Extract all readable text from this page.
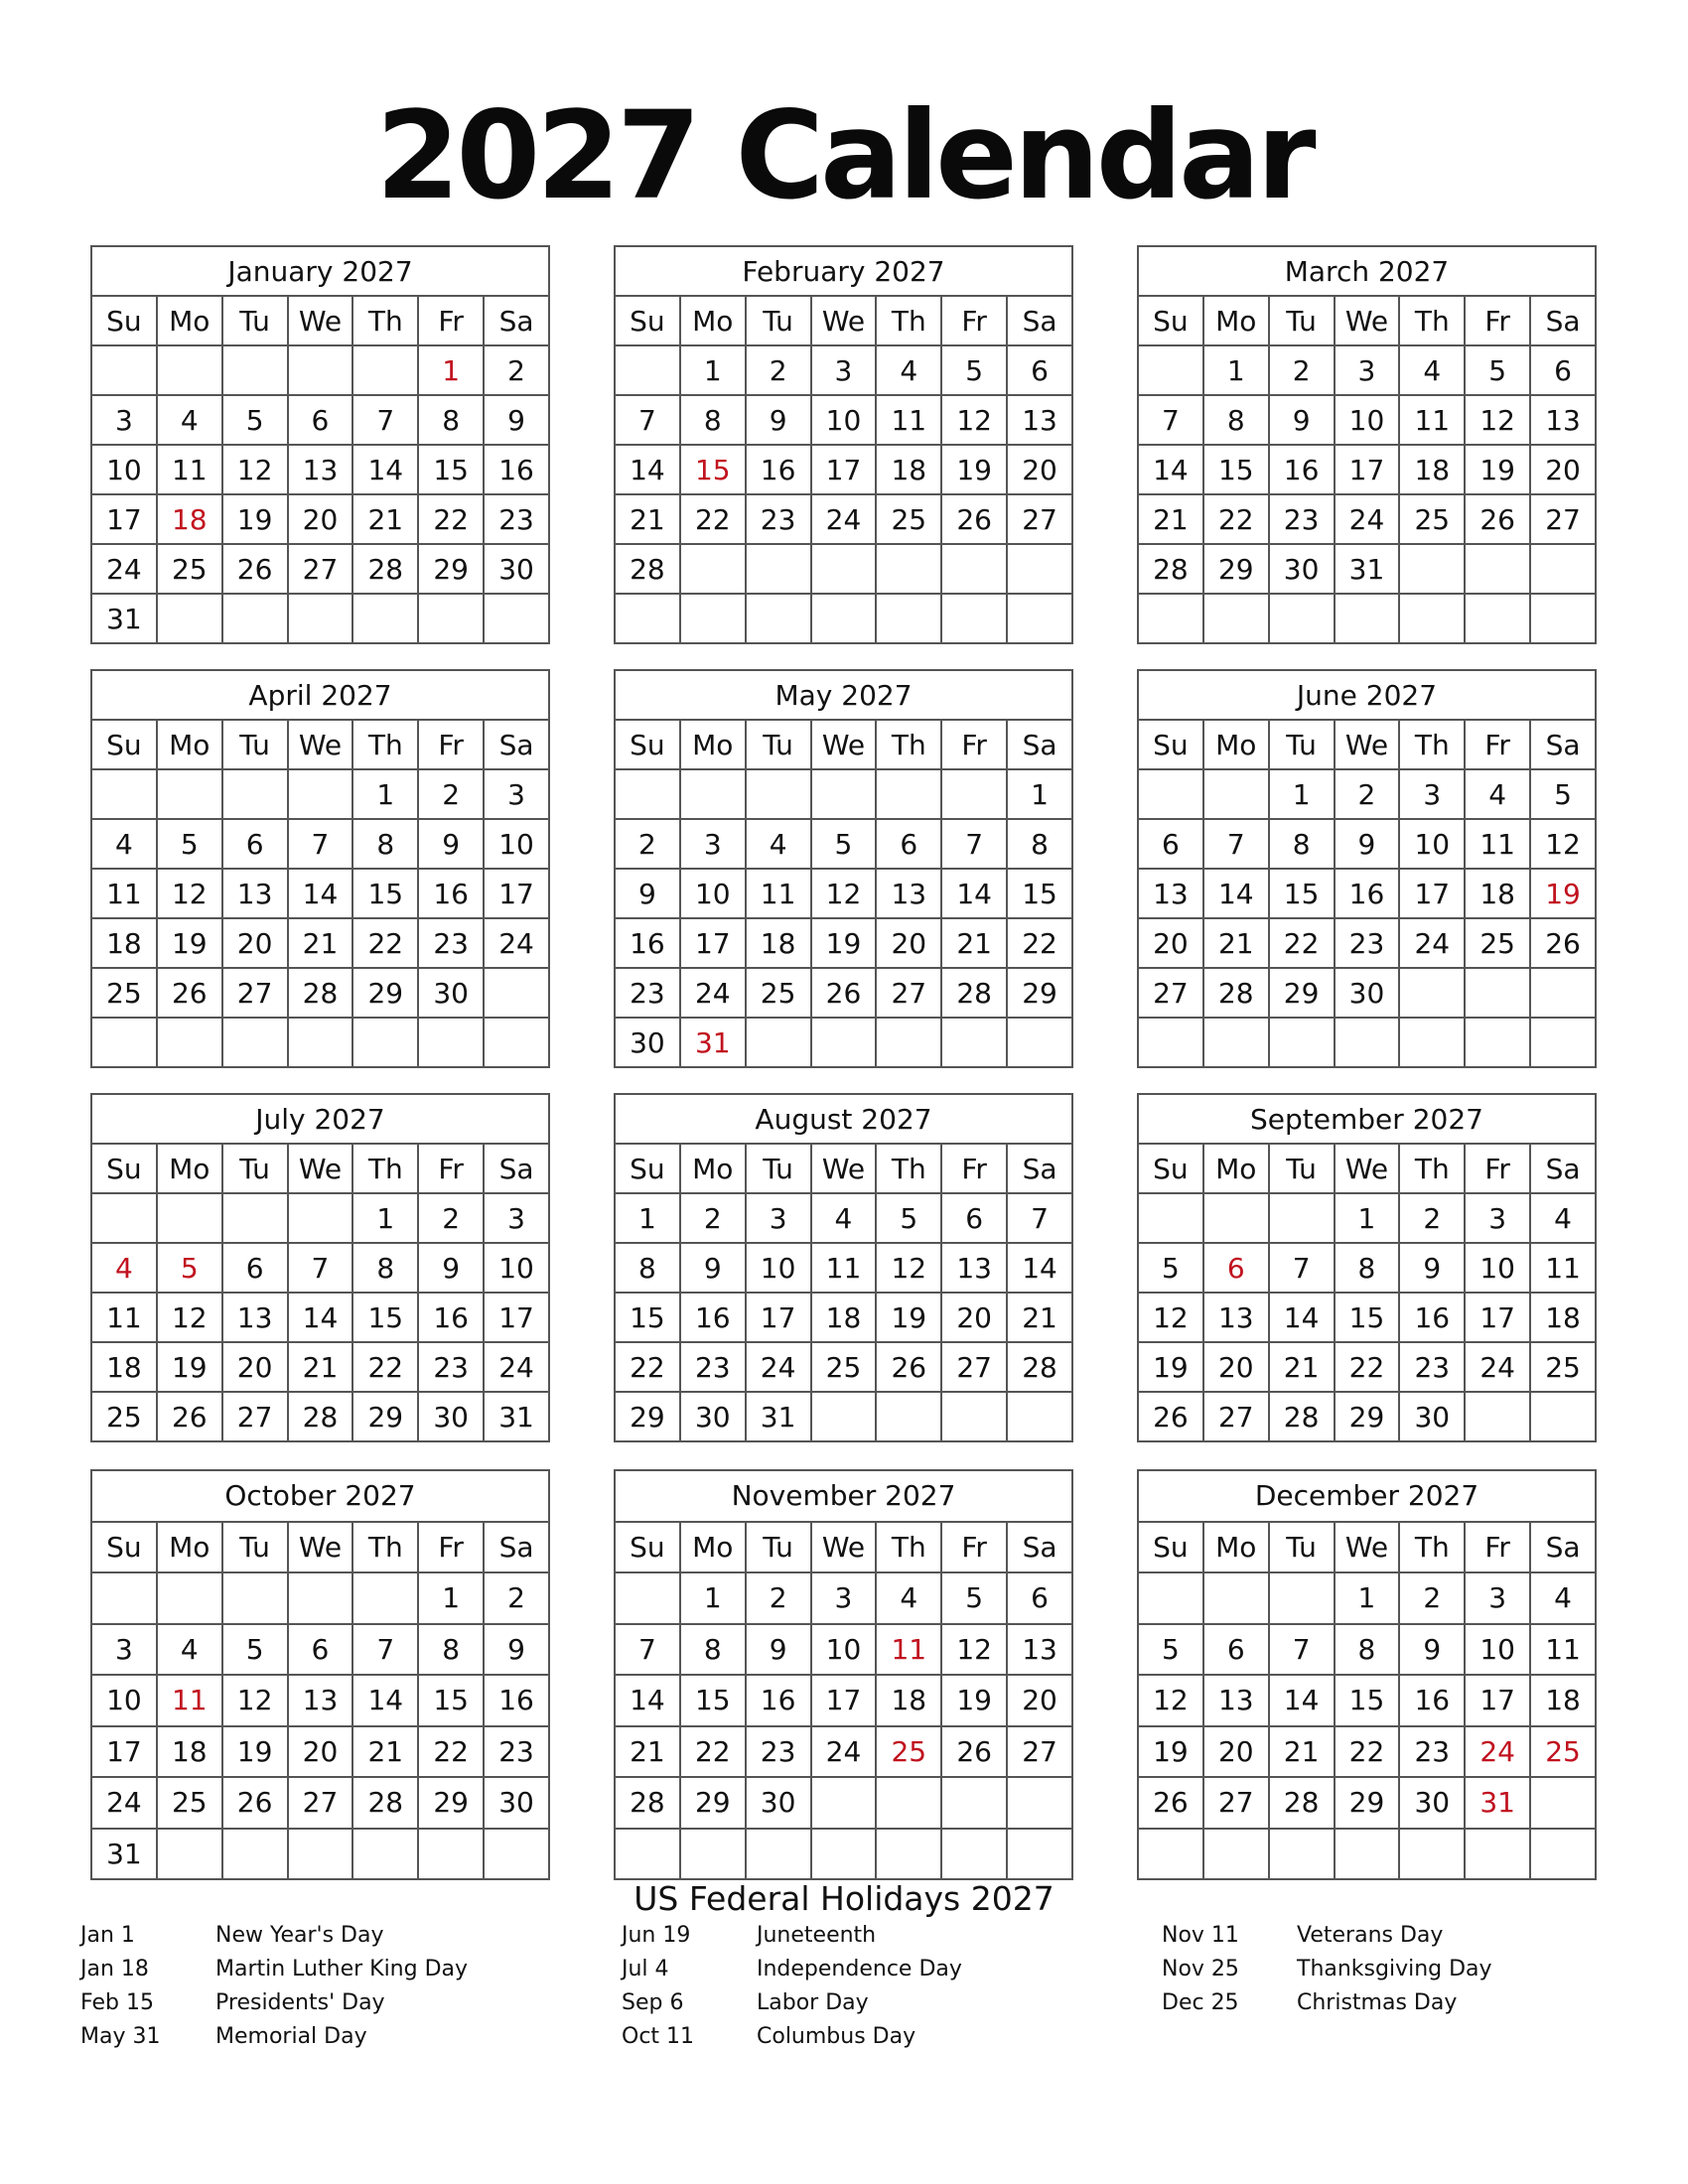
2027 Calendar
January 2027						
Su	Mo	Tu	We	Th	Fr	Sa
					1	2
3	4	5	6	7	8	9
10	11	12	13	14	15	16
17	18	19	20	21	22	23
24	25	26	27	28	29	30
31						
February 2027						
Su	Mo	Tu	We	Th	Fr	Sa
	1	2	3	4	5	6
7	8	9	10	11	12	13
14	15	16	17	18	19	20
21	22	23	24	25	26	27
28						

March 2027						
Su	Mo	Tu	We	Th	Fr	Sa
	1	2	3	4	5	6
7	8	9	10	11	12	13
14	15	16	17	18	19	20
21	22	23	24	25	26	27
28	29	30	31			

April 2027						
Su	Mo	Tu	We	Th	Fr	Sa
				1	2	3
4	5	6	7	8	9	10
11	12	13	14	15	16	17
18	19	20	21	22	23	24
25	26	27	28	29	30	

May 2027						
Su	Mo	Tu	We	Th	Fr	Sa
						1
2	3	4	5	6	7	8
9	10	11	12	13	14	15
16	17	18	19	20	21	22
23	24	25	26	27	28	29
30	31					
June 2027						
Su	Mo	Tu	We	Th	Fr	Sa
		1	2	3	4	5
6	7	8	9	10	11	12
13	14	15	16	17	18	19
20	21	22	23	24	25	26
27	28	29	30			

July 2027						
Su	Mo	Tu	We	Th	Fr	Sa
				1	2	3
4	5	6	7	8	9	10
11	12	13	14	15	16	17
18	19	20	21	22	23	24
25	26	27	28	29	30	31
August 2027						
Su	Mo	Tu	We	Th	Fr	Sa
1	2	3	4	5	6	7
8	9	10	11	12	13	14
15	16	17	18	19	20	21
22	23	24	25	26	27	28
29	30	31				
September 2027						
Su	Mo	Tu	We	Th	Fr	Sa
			1	2	3	4
5	6	7	8	9	10	11
12	13	14	15	16	17	18
19	20	21	22	23	24	25
26	27	28	29	30		
October 2027						
Su	Mo	Tu	We	Th	Fr	Sa
					1	2
3	4	5	6	7	8	9
10	11	12	13	14	15	16
17	18	19	20	21	22	23
24	25	26	27	28	29	30
31						
November 2027						
Su	Mo	Tu	We	Th	Fr	Sa
	1	2	3	4	5	6
7	8	9	10	11	12	13
14	15	16	17	18	19	20
21	22	23	24	25	26	27
28	29	30				

December 2027						
Su	Mo	Tu	We	Th	Fr	Sa
			1	2	3	4
5	6	7	8	9	10	11
12	13	14	15	16	17	18
19	20	21	22	23	24	25
26	27	28	29	30	31	

US Federal Holidays 2027
Jan 1	New Year's Day
Jan 18	Martin Luther King Day
Feb 15	Presidents' Day
May 31	Memorial Day
Jun 19	Juneteenth
Jul 4	Independence Day
Sep 6	Labor Day
Oct 11	Columbus Day
Nov 11	Veterans Day
Nov 25	Thanksgiving Day
Dec 25	Christmas Day
